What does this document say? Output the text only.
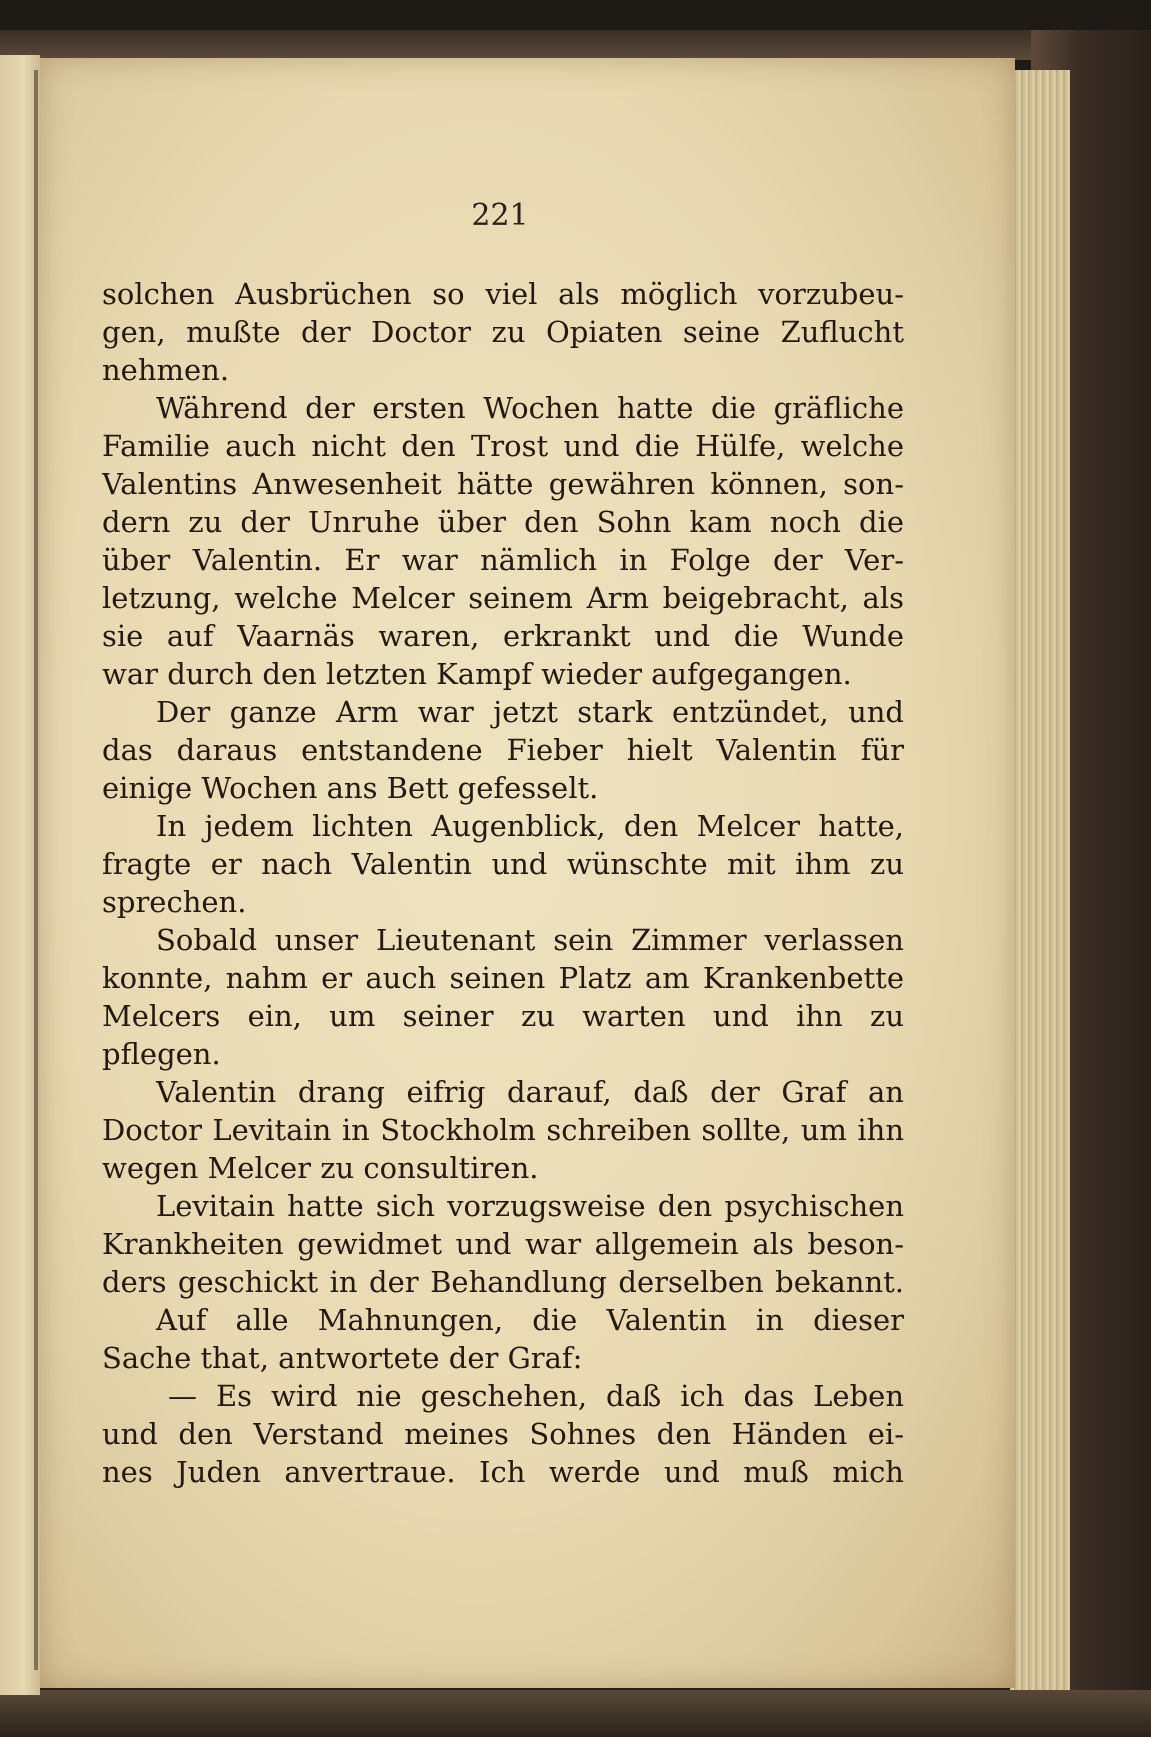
221
solchen Ausbrüchen so viel als möglich vorzubeu-
gen, mußte der Doctor zu Opiaten seine Zuflucht
nehmen.
Während der ersten Wochen hatte die gräfliche
Familie auch nicht den Trost und die Hülfe, welche
Valentins Anwesenheit hätte gewähren können, son-
dern zu der Unruhe über den Sohn kam noch die
über Valentin. Er war nämlich in Folge der Ver-
letzung, welche Melcer seinem Arm beigebracht, als
sie auf Vaarnäs waren, erkrankt und die Wunde
war durch den letzten Kampf wieder aufgegangen.
Der ganze Arm war jetzt stark entzündet, und
das daraus entstandene Fieber hielt Valentin für
einige Wochen ans Bett gefesselt.
In jedem lichten Augenblick, den Melcer hatte,
fragte er nach Valentin und wünschte mit ihm zu
sprechen.
Sobald unser Lieutenant sein Zimmer verlassen
konnte, nahm er auch seinen Platz am Krankenbette
Melcers ein, um seiner zu warten und ihn zu
pflegen.
Valentin drang eifrig darauf, daß der Graf an
Doctor Levitain in Stockholm schreiben sollte, um ihn
wegen Melcer zu consultiren.
Levitain hatte sich vorzugsweise den psychischen
Krankheiten gewidmet und war allgemein als beson-
ders geschickt in der Behandlung derselben bekannt.
Auf alle Mahnungen, die Valentin in dieser
Sache that, antwortete der Graf:
— Es wird nie geschehen, daß ich das Leben
und den Verstand meines Sohnes den Händen ei-
nes Juden anvertraue. Ich werde und muß mich
